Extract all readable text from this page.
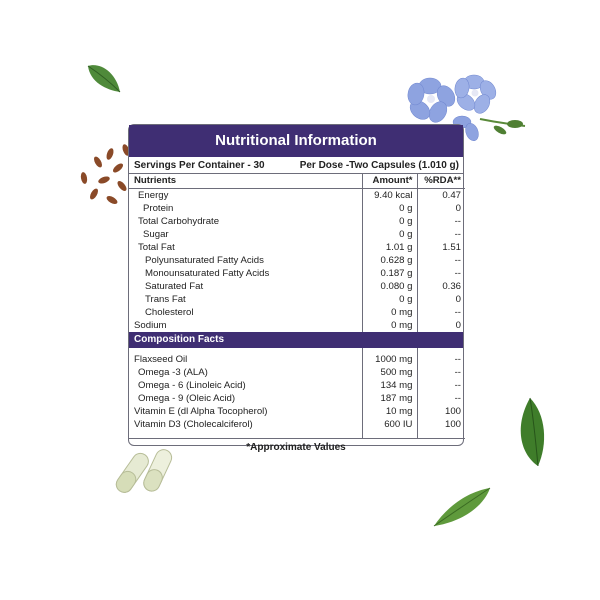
Nutritional Information
Servings Per Container - 30	Per Dose -Two Capsules (1.010 g)
Nutrients	Amount*	%RDA**
Energy	9.40 kcal	0.47
Protein	0 g	0
Total Carbohydrate	0 g	--
Sugar	0 g	--
Total Fat	1.01 g	1.51
Polyunsaturated Fatty Acids	0.628 g	--
Monounsaturated Fatty Acids	0.187 g	--
Saturated Fat	0.080 g	0.36
Trans Fat	0 g	0
Cholesterol	0 mg	--
Sodium	0 mg	0
Composition Facts

Flaxseed Oil	1000 mg	--
Omega -3 (ALA)	500 mg	--
Omega - 6 (Linoleic Acid)	134 mg	--
Omega - 9 (Oleic Acid)	187 mg	--
Vitamin E (dl Alpha Tocopherol)	10 mg	100
Vitamin D3 (Cholecalciferol)	600 IU	100

*Approximate Values
